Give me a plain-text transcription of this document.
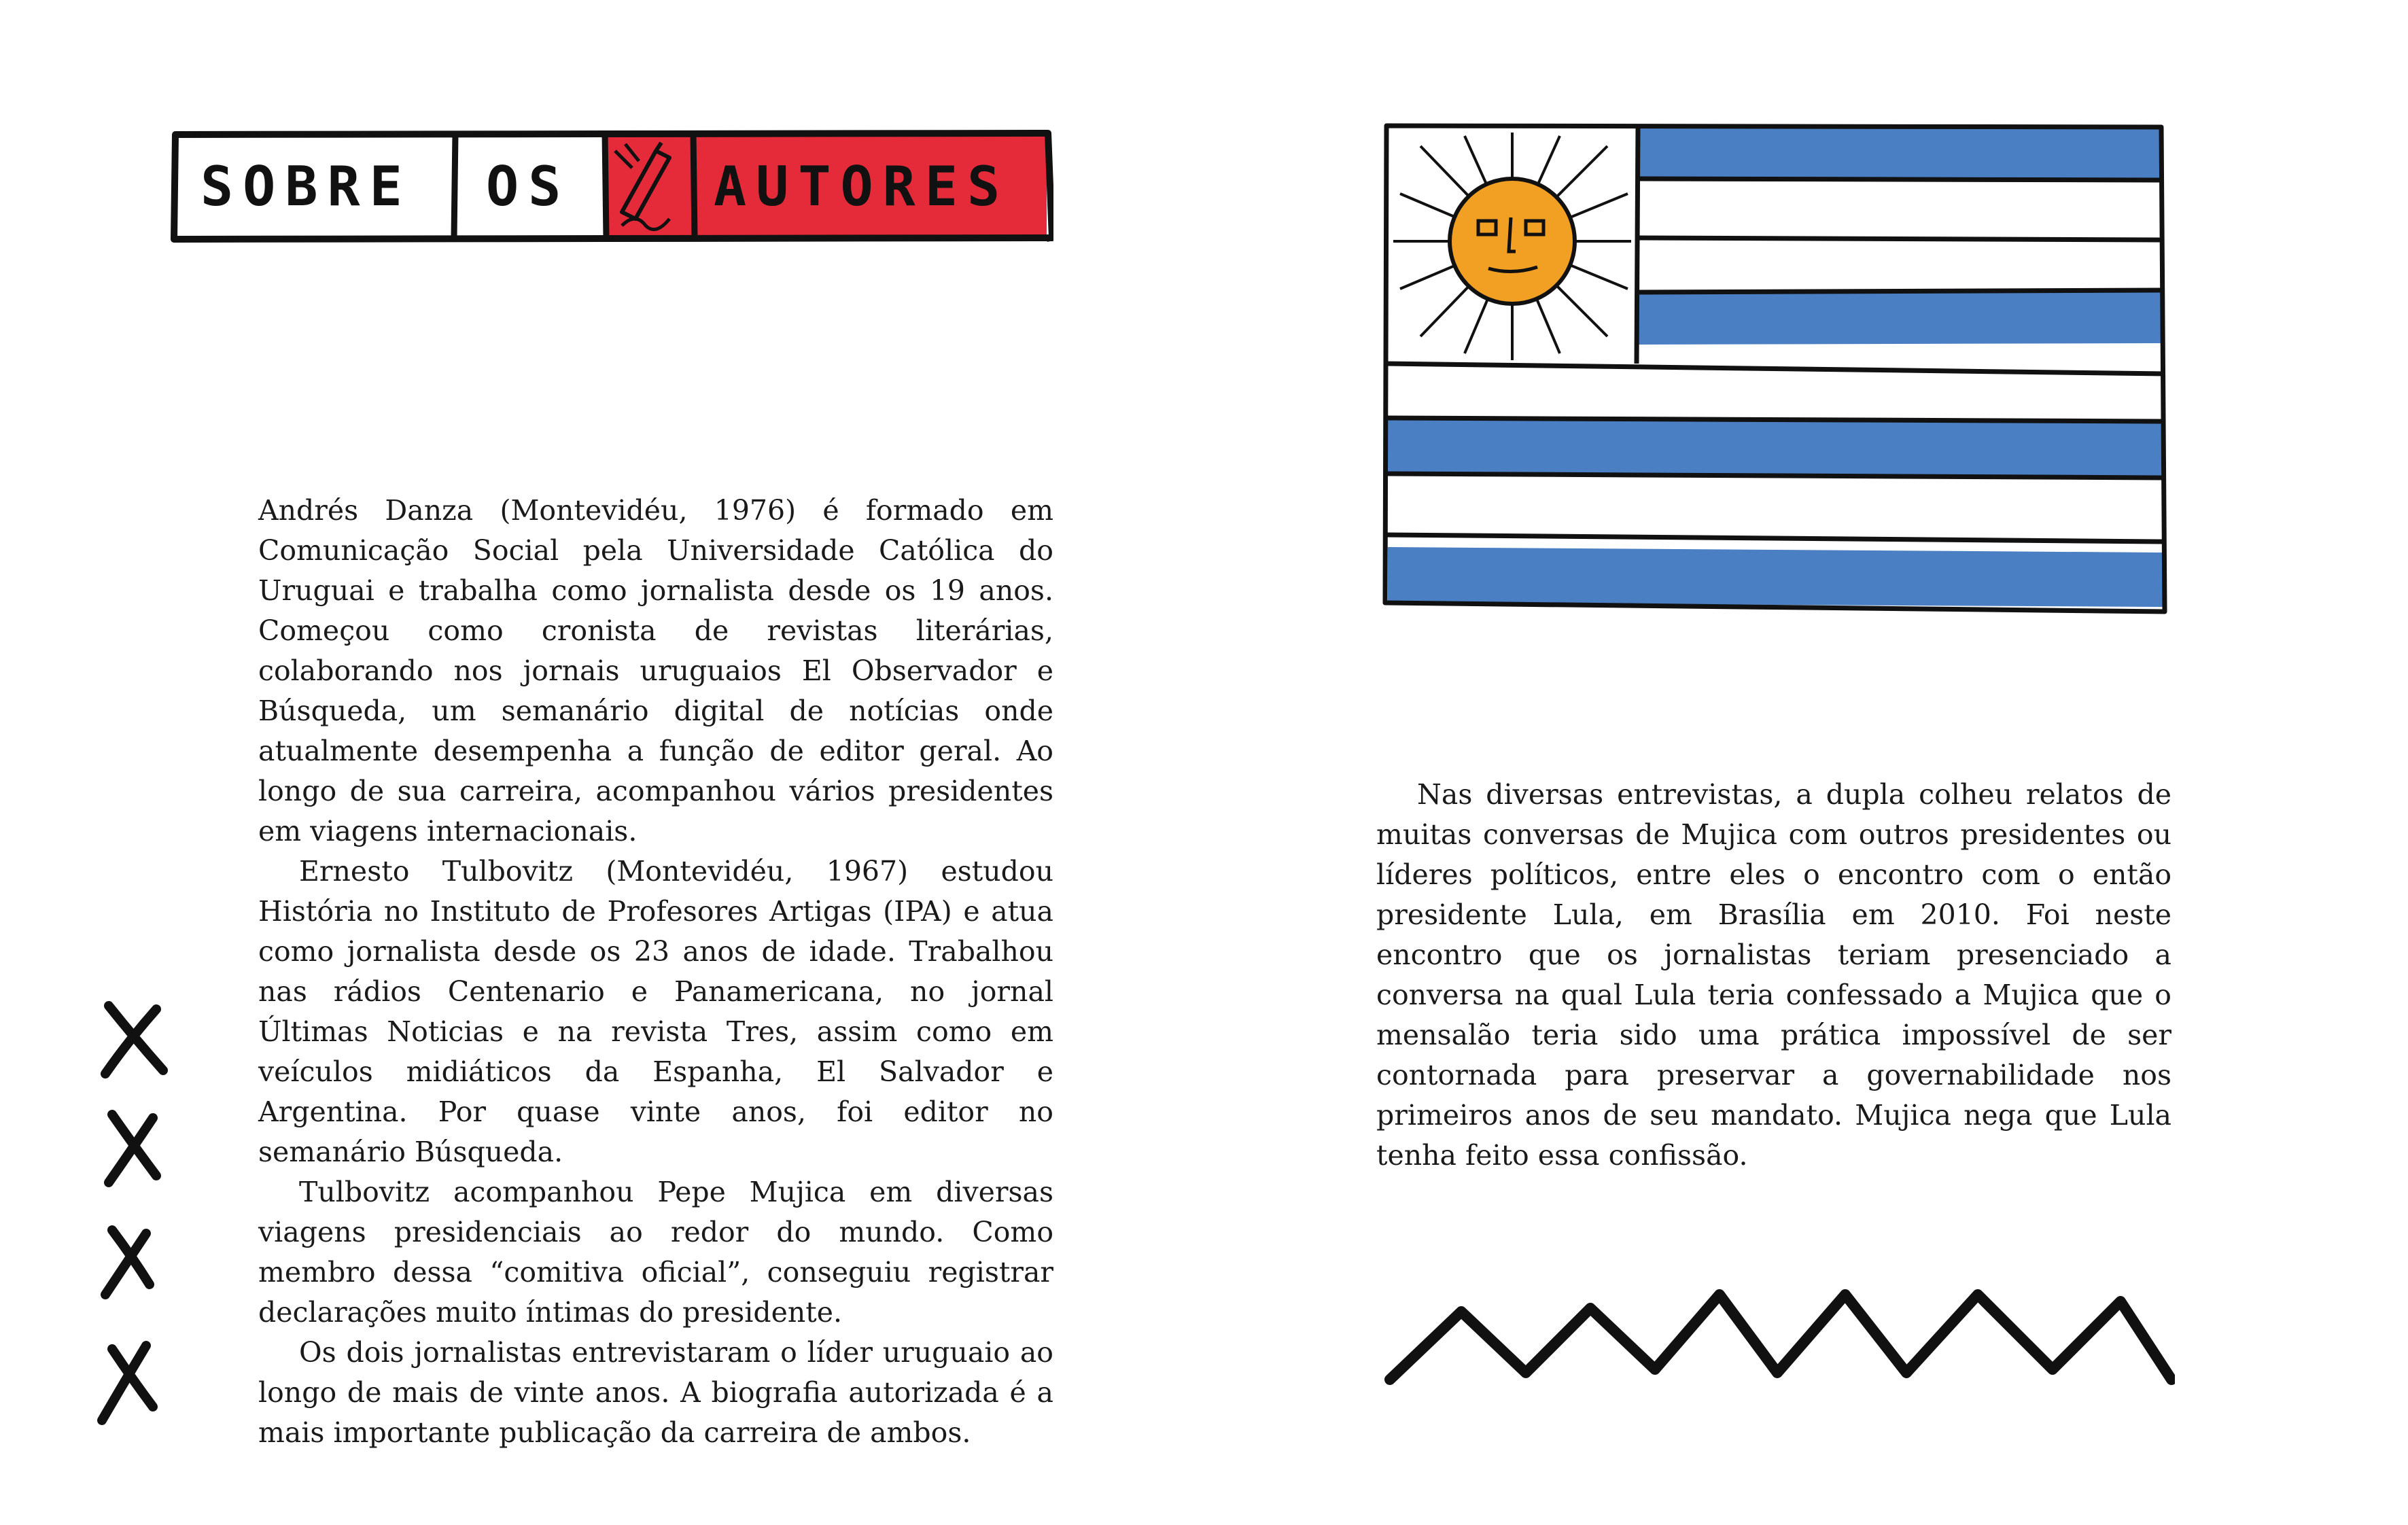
SOBRE OS	AUTORES

Andrés Danza (Montevidéu, 1976) é formado em Comunicação Social pela Universidade Católica do Uruguai e trabalha como jornalista desde os 19 anos. Começou como cronista de revistas literárias, colaborando nos jornais uruguaios El Observador e Búsqueda, um semanário digital de notícias onde atualmente desempenha a função de editor geral. Ao longo de sua carreira, acompanhou vários presidentes em viagens internacionais.

Ernesto Tulbovitz (Montevidéu, 1967) estudou História no Instituto de Profesores Artigas (IPA) e atua como jornalista desde os 23 anos de idade. Trabalhou nas rádios Centenario e Panamericana, no jornal Últimas Noticias e na revista Tres, assim como em veículos midiáticos da Espanha, El Salvador e Argentina. Por quase vinte anos, foi editor no semanário Búsqueda.

Tulbovitz acompanhou Pepe Mujica em diversas viagens presidenciais ao redor do mundo. Como membro dessa “comitiva oficial”, conseguiu registrar declarações muito íntimas do presidente.

Os dois jornalistas entrevistaram o líder uruguaio ao longo de mais de vinte anos. A biografia autorizada é a mais importante publicação da carreira de ambos.

Nas diversas entrevistas, a dupla colheu relatos de muitas conversas de Mujica com outros presidentes ou líderes políticos, entre eles o encontro com o então presidente Lula, em Brasília em 2010. Foi neste encontro que os jornalistas teriam presenciado a conversa na qual Lula teria confessado a Mujica que o mensalão teria sido uma prática impossível de ser contornada para preservar a governabilidade nos primeiros anos de seu mandato. Mujica nega que Lula tenha feito essa confissão.
